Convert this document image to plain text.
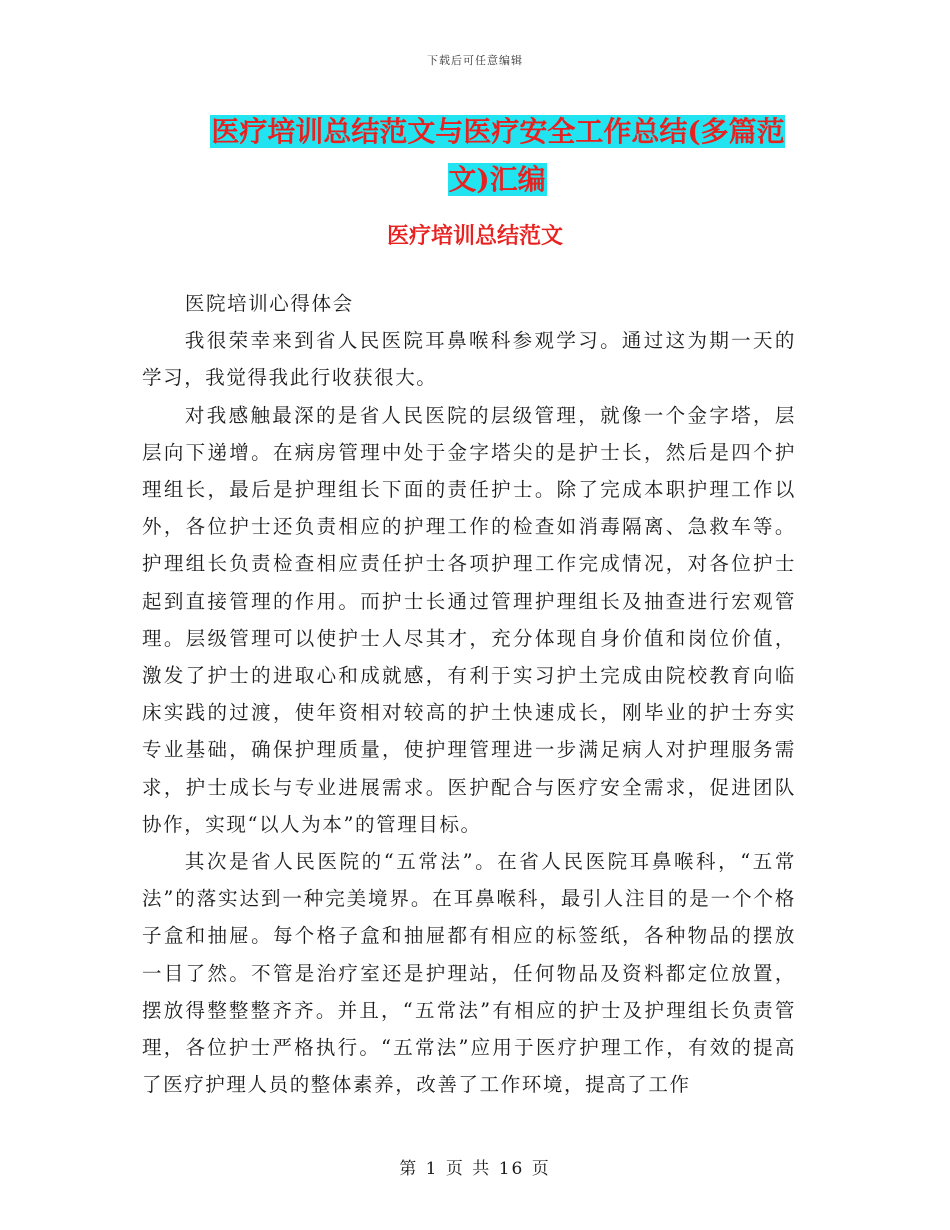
下载后可任意编辑
医疗培训总结范文与医疗安全工作总结(多篇范文)汇编
医疗培训总结范文

医院培训心得体会

我很荣幸来到省人民医院耳鼻喉科参观学习。通过这为期一天的学习，我觉得我此行收获很大。

对我感触最深的是省人民医院的层级管理，就像一个金字塔，层层向下递增。在病房管理中处于金字塔尖的是护士长，然后是四个护理组长，最后是护理组长下面的责任护士。除了完成本职护理工作以外，各位护士还负责相应的护理工作的检查如消毒隔离、急救车等。护理组长负责检查相应责任护士各项护理工作完成情况，对各位护士起到直接管理的作用。而护士长通过管理护理组长及抽查进行宏观管理。层级管理可以使护士人尽其才，充分体现自身价值和岗位价值，激发了护士的进取心和成就感，有利于实习护土完成由院校教育向临床实践的过渡，使年资相对较高的护土快速成长，刚毕业的护士夯实专业基础，确保护理质量，使护理管理进一步满足病人对护理服务需求，护士成长与专业进展需求。医护配合与医疗安全需求，促进团队协作，实现“以人为本”的管理目标。

其次是省人民医院的“五常法”。在省人民医院耳鼻喉科，“五常法”的落实达到一种完美境界。在耳鼻喉科，最引人注目的是一个个格子盒和抽屉。每个格子盒和抽屉都有相应的标签纸，各种物品的摆放一目了然。不管是治疗室还是护理站，任何物品及资料都定位放置，摆放得整整整齐齐。并且，“五常法”有相应的护士及护理组长负责管理，各位护士严格执行。“五常法”应用于医疗护理工作，有效的提高了医疗护理人员的整体素养，改善了工作环境，提高了工作

第 1 页 共 16 页
